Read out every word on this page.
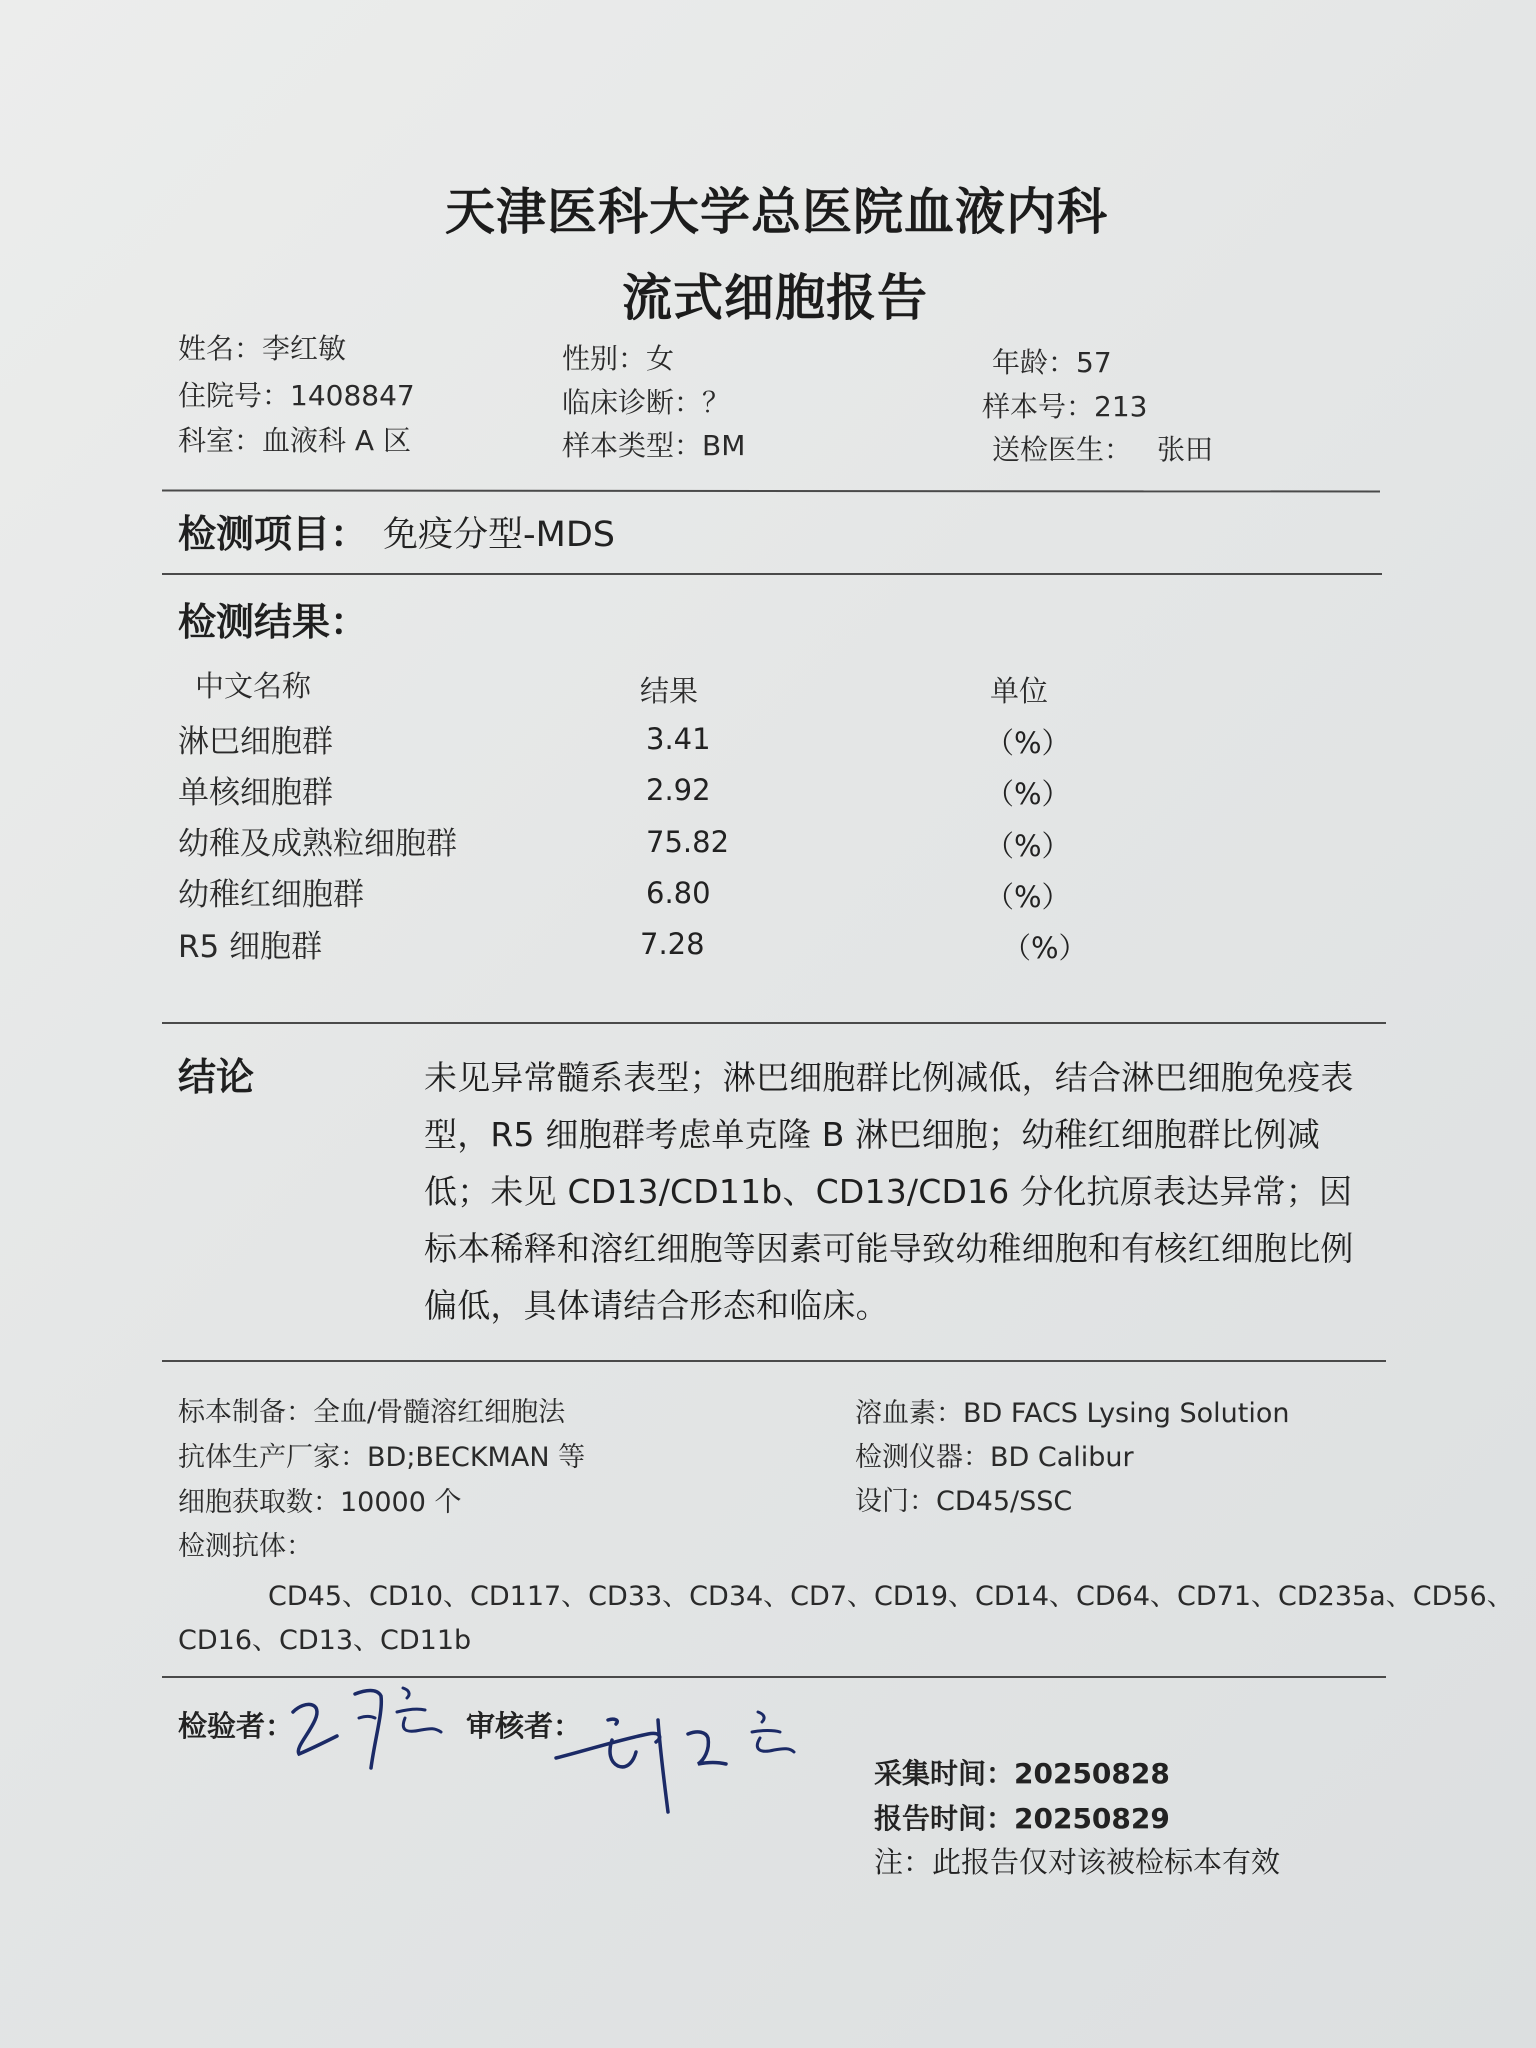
天津医科大学总医院血液内科
流式细胞报告
姓名：李红敏	性别：女	年龄：57
住院号：1408847	临床诊断：？	样本号：213
科室：血液科 A 区	样本类型：BM	送检医生： 张田
检测项目： 免疫分型-MDS
检测结果：
中文名称	结果	单位
淋巴细胞群	3.41	（%）
单核细胞群	2.92	（%）
幼稚及成熟粒细胞群	75.82	（%）
幼稚红细胞群	6.80	（%）
R5 细胞群	7.28	（%）
结论	未见异常髓系表型；淋巴细胞群比例减低，结合淋巴细胞免疫表型，R5 细胞群考虑单克隆 B 淋巴细胞；幼稚红细胞群比例减低；未见 CD13/CD11b、CD13/CD16 分化抗原表达异常；因标本稀释和溶红细胞等因素可能导致幼稚细胞和有核红细胞比例偏低，具体请结合形态和临床。
标本制备：全血/骨髓溶红细胞法	溶血素：BD FACS Lysing Solution
抗体生产厂家：BD;BECKMAN 等	检测仪器：BD Calibur
细胞获取数：10000 个	设门：CD45/SSC
检测抗体：
CD45、CD10、CD117、CD33、CD34、CD7、CD19、CD14、CD64、CD71、CD235a、CD56、
CD16、CD13、CD11b
检验者：	审核者：
采集时间：20250828
报告时间：20250829
注：此报告仅对该被检标本有效
